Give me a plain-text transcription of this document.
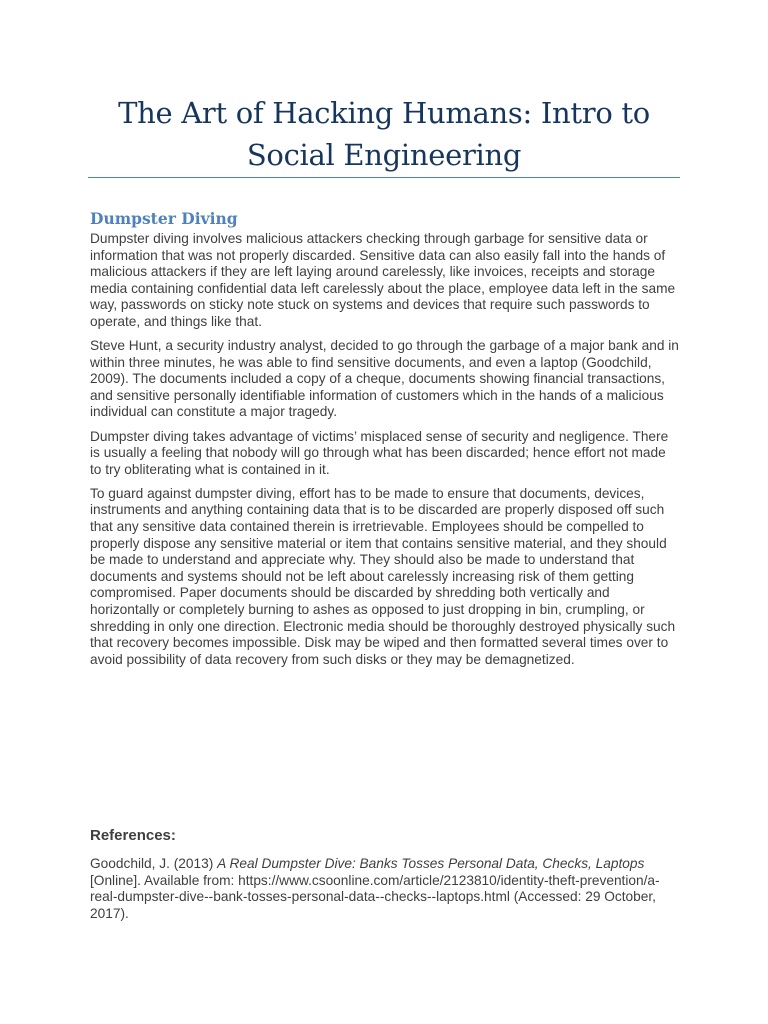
The Art of Hacking Humans: Intro to Social Engineering
Dumpster Diving

Dumpster diving involves malicious attackers checking through garbage for sensitive data or information that was not properly discarded. Sensitive data can also easily fall into the hands of malicious attackers if they are left laying around carelessly, like invoices, receipts and storage media containing confidential data left carelessly about the place, employee data left in the same way, passwords on sticky note stuck on systems and devices that require such passwords to operate, and things like that.

Steve Hunt, a security industry analyst, decided to go through the garbage of a major bank and in within three minutes, he was able to find sensitive documents, and even a laptop (Goodchild, 2009). The documents included a copy of a cheque, documents showing financial transactions, and sensitive personally identifiable information of customers which in the hands of a malicious individual can constitute a major tragedy.

Dumpster diving takes advantage of victims’ misplaced sense of security and negligence. There is usually a feeling that nobody will go through what has been discarded; hence effort not made to try obliterating what is contained in it.

To guard against dumpster diving, effort has to be made to ensure that documents, devices, instruments and anything containing data that is to be discarded are properly disposed off such that any sensitive data contained therein is irretrievable. Employees should be compelled to properly dispose any sensitive material or item that contains sensitive material, and they should be made to understand and appreciate why. They should also be made to understand that documents and systems should not be left about carelessly increasing risk of them getting compromised. Paper documents should be discarded by shredding both vertically and horizontally or completely burning to ashes as opposed to just dropping in bin, crumpling, or shredding in only one direction. Electronic media should be thoroughly destroyed physically such that recovery becomes impossible. Disk may be wiped and then formatted several times over to avoid possibility of data recovery from such disks or they may be demagnetized.

References:

Goodchild, J. (2013) A Real Dumpster Dive: Banks Tosses Personal Data, Checks, Laptops [Online]. Available from: https://www.csoonline.com/article/2123810/identity-theft-prevention/a-real-dumpster-dive--bank-tosses-personal-data--checks--laptops.html (Accessed: 29 October, 2017).
